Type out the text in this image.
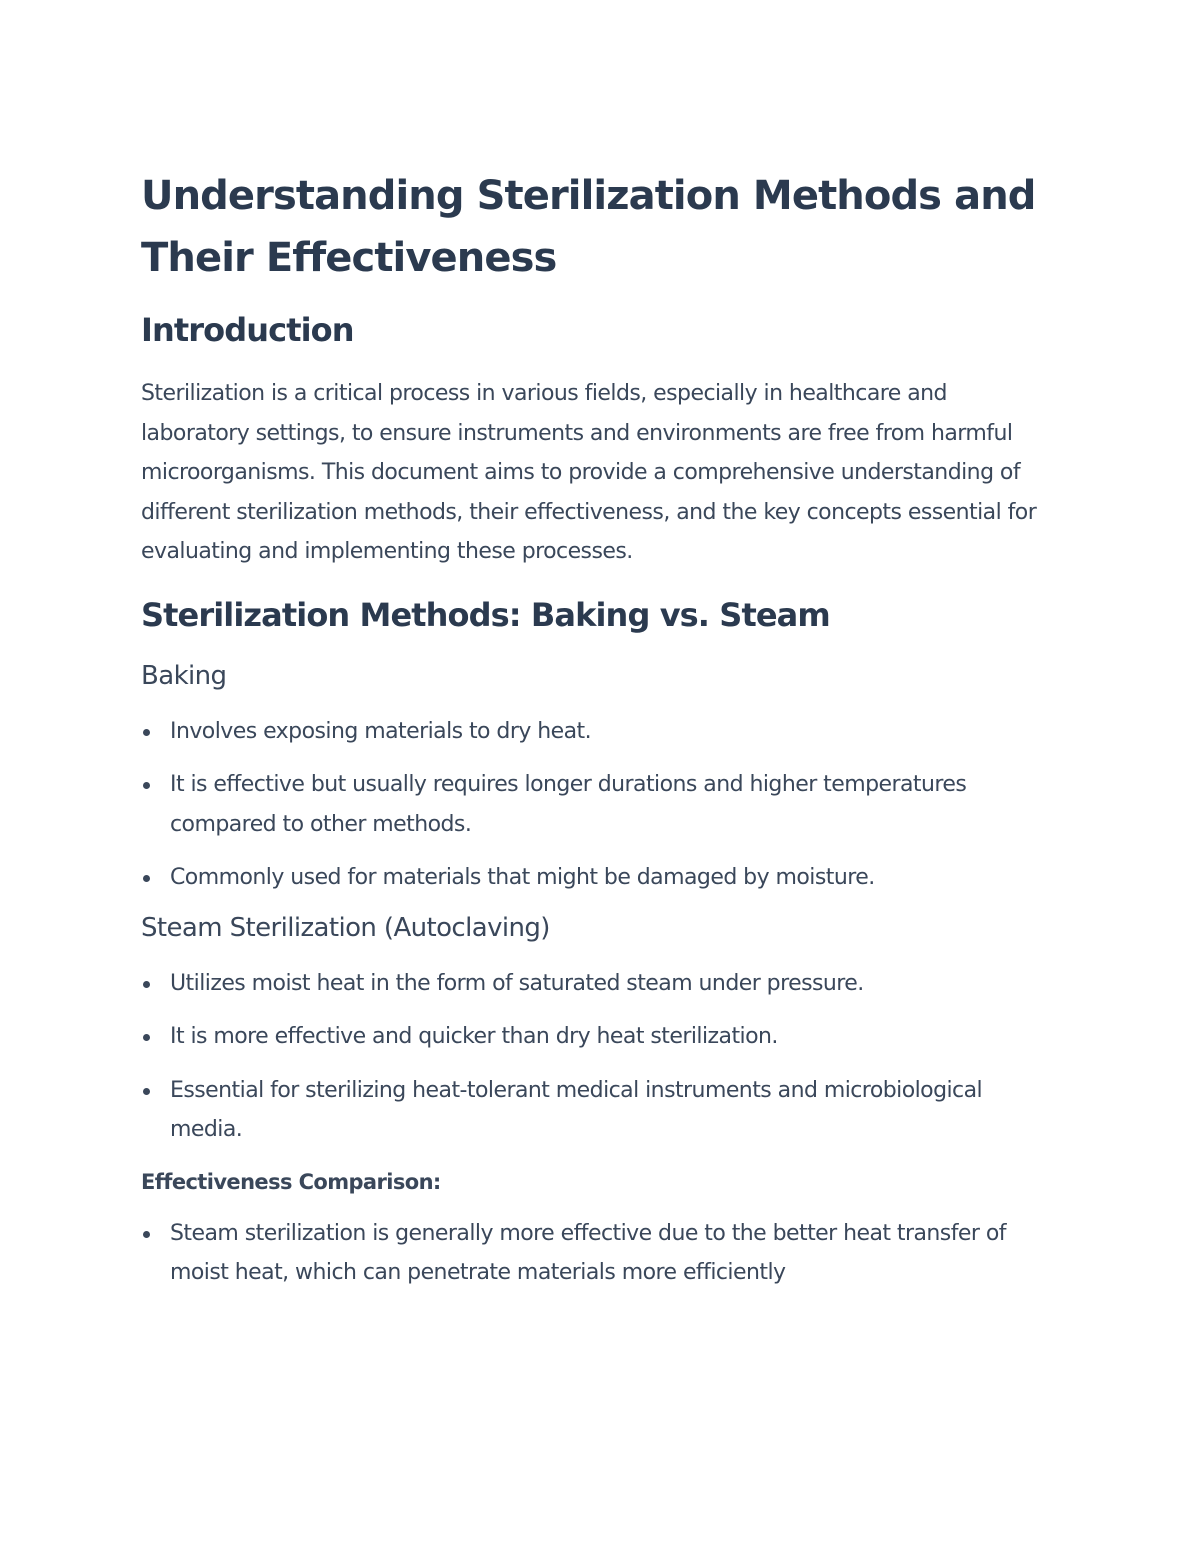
Understanding Sterilization Methods and Their Effectiveness
Introduction

Sterilization is a critical process in various fields, especially in healthcare and laboratory settings, to ensure instruments and environments are free from harmful microorganisms. This document aims to provide a comprehensive understanding of different sterilization methods, their effectiveness, and the key concepts essential for evaluating and implementing these processes.

Sterilization Methods: Baking vs. Steam
Baking
Involves exposing materials to dry heat.
It is effective but usually requires longer durations and higher temperatures compared to other methods.
Commonly used for materials that might be damaged by moisture.
Steam Sterilization (Autoclaving)
Utilizes moist heat in the form of saturated steam under pressure.
It is more effective and quicker than dry heat sterilization.
Essential for sterilizing heat-tolerant medical instruments and microbiological media.
Effectiveness Comparison:
Steam sterilization is generally more effective due to the better heat transfer of moist heat, which can penetrate materials more efficiently
